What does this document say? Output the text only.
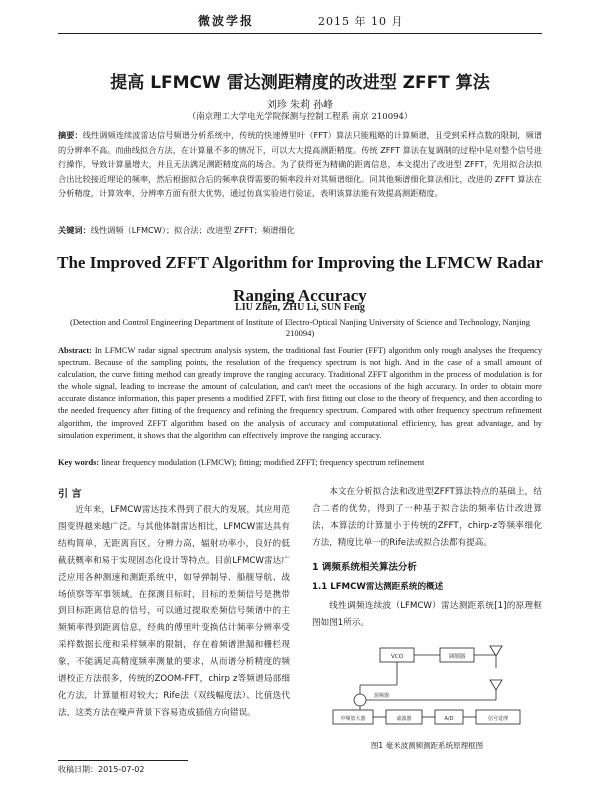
微波学报	2015 年 10 月
提高 LFMCW 雷达测距精度的改进型 ZFFT 算法
刘珍 朱莉 孙峰
（南京理工大学电光学院探测与控制工程系 南京 210094）
摘要：线性调频连续波雷达信号频谱分析系统中，传统的快速傅里叶（FFT）算法只能粗略的计算频谱，且受到采样点数的限制，频谱的分辨率不高。而曲线拟合方法，在计算量不多的情况下，可以大大提高测距精度。传统 ZFFT 算法在复调制的过程中是对整个信号进行操作，导致计算量增大，并且无法满足测距精度高的场合。为了获得更为精确的距离信息，本文提出了改进型 ZFFT，先用拟合法拟合出比较接近理论的频率，然后根据拟合后的频率获得需要的频率段并对其频谱细化。同其他频谱细化算法相比，改进的 ZFFT 算法在分析精度，计算效率，分辨率方面有很大优势，通过仿真实验进行验证，表明该算法能有效提高测距精度。
关键词：线性调频（LFMCW）；拟合法；改进型 ZFFT；频谱细化
The Improved ZFFT Algorithm for Improving the LFMCW Radar Ranging Accuracy
LIU Zhen, ZHU Li, SUN Feng
(Detection and Control Engineering Department of Institute of Electro-Optical Nanjing University of Science and Technology, Nanjing 210094)
Abstract: In LFMCW radar signal spectrum analysis system, the traditional fast Fourier (FFT) algorithm only rough analyses the frequency spectrum. Because of the sampling points, the resolution of the frequency spectrum is not high. And in the case of a small amount of calculation, the curve fitting method can greatly improve the ranging accuracy. Traditional ZFFT algorithm in the process of modulation is for the whole signal, leading to increase the amount of calculation, and can't meet the occasions of the high accuracy. In order to obtain more accurate distance information, this paper presents a modified ZFFT, with first fitting out close to the theory of frequency, and then according to the needed frequency after fitting of the frequency and refining the frequency spectrum. Compared with other frequency spectrum refinement algorithm, the improved ZFFT algorithm based on the analysis of accuracy and computational efficiency, has great advantage, and by simulation experiment, it shows that the algorithm can effectively improve the ranging accuracy.
Key words: linear frequency modulation (LFMCW); fitting; modified ZFFT; frequency spectrum refinement
引 言
近年来，LFMCW雷达技术得到了很大的发展，其应用范围变得越来越广泛。与其他体制雷达相比，LFMCW雷达具有结构简单，无距离盲区，分辨力高，辐射功率小，良好的低截获概率和易于实现固态化设计等特点。目前LFMCW雷达广泛应用各种测速和测距系统中，如导弹制导、船舰导航、战场侦察等军事领域。在探测目标时，目标的差频信号是携带到目标距离信息的信号，可以通过提取差频信号频谱中的主频频率得到距离信息，经典的傅里叶变换估计频率分辨率受采样数据长度和采样频率的限制，存在着频谱泄漏和栅栏现象，不能满足高精度频率测量的要求，从而谱分析精度的频谱校正方法很多，传统的ZOOM-FFT，chirp z等频谱局部细化方法，计算量相对较大；Rife法（双线幅度法）、比值迭代法，这类方法在噪声背景下容易造成插值方向错误。
本文在分析拟合法和改进型ZFFT算法特点的基础上，结合二者的优势，得到了一种基于拟合法的频率估计改进算法，本算法的计算量小于传统的ZFFT，chirp-z等频率细化方法，精度比单一的Rife法或拟合法都有提高。
1 调频系统相关算法分析
1.1 LFMCW雷达测距系统的概述
线性调频连续波（LFMCW）雷达测距系统[1]的原理框图如图1所示。
VCO	调制器
混频器
中频放大器	滤波器	A/D	信号处理
图1 毫米波测频测距系统原理框图
收稿日期：2015-07-02
